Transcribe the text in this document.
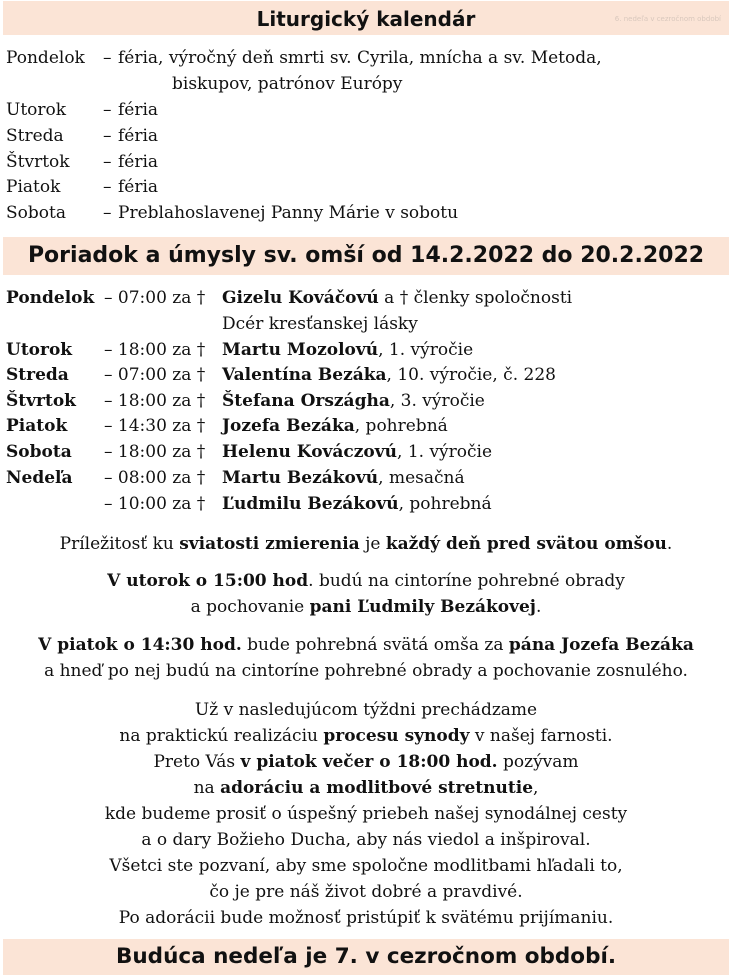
Liturgický kalendár	6. nedeľa v cezročnom období
Pondelok – féria, výročný deň smrti sv. Cyrila, mnícha a sv. Metoda,
biskupov, patrónov Európy
Utorok – féria
Streda – féria
Štvrtok – féria
Piatok	– féria
Sobota – Preblahoslavenej Panny Márie v sobotu
Poriadok a úmysly sv. omší od 14.2.2022 do 20.2.2022
Pondelok – 07:00 za † Gizelu Kováčovú a † členky spoločnosti
Dcér kresťanskej lásky
Utorok – 18:00 za † Martu Mozolovú, 1. výročie
Streda – 07:00 za † Valentína Bezáka, 10. výročie, č. 228
Štvrtok – 18:00 za † Štefana Országha, 3. výročie
Piatok – 14:30 za † Jozefa Bezáka, pohrebná
Sobota – 18:00 za † Helenu Kováczovú, 1. výročie
Nedeľa – 08:00 za † Martu Bezákovú, mesačná
– 10:00 za † Ľudmilu Bezákovú, pohrebná
Príležitosť ku sviatosti zmierenia je každý deň pred svätou omšou.
V utorok o 15:00 hod. budú na cintoríne pohrebné obrady
a pochovanie pani Ľudmily Bezákovej.
V piatok o 14:30 hod. bude pohrebná svätá omša za pána Jozefa Bezáka
a hneď po nej budú na cintoríne pohrebné obrady a pochovanie zosnulého.
Už v nasledujúcom týždni prechádzame
na praktickú realizáciu procesu synody v našej farnosti.
Preto Vás v piatok večer o 18:00 hod. pozývam
na adoráciu a modlitbové stretnutie,
kde budeme prosiť o úspešný priebeh našej synodálnej cesty
a o dary Božieho Ducha, aby nás viedol a inšpiroval.
Všetci ste pozvaní, aby sme spoločne modlitbami hľadali to,
čo je pre náš život dobré a pravdivé.
Po adorácii bude možnosť pristúpiť k svätému prijímaniu.
Budúca nedeľa je 7. v cezročnom období.
